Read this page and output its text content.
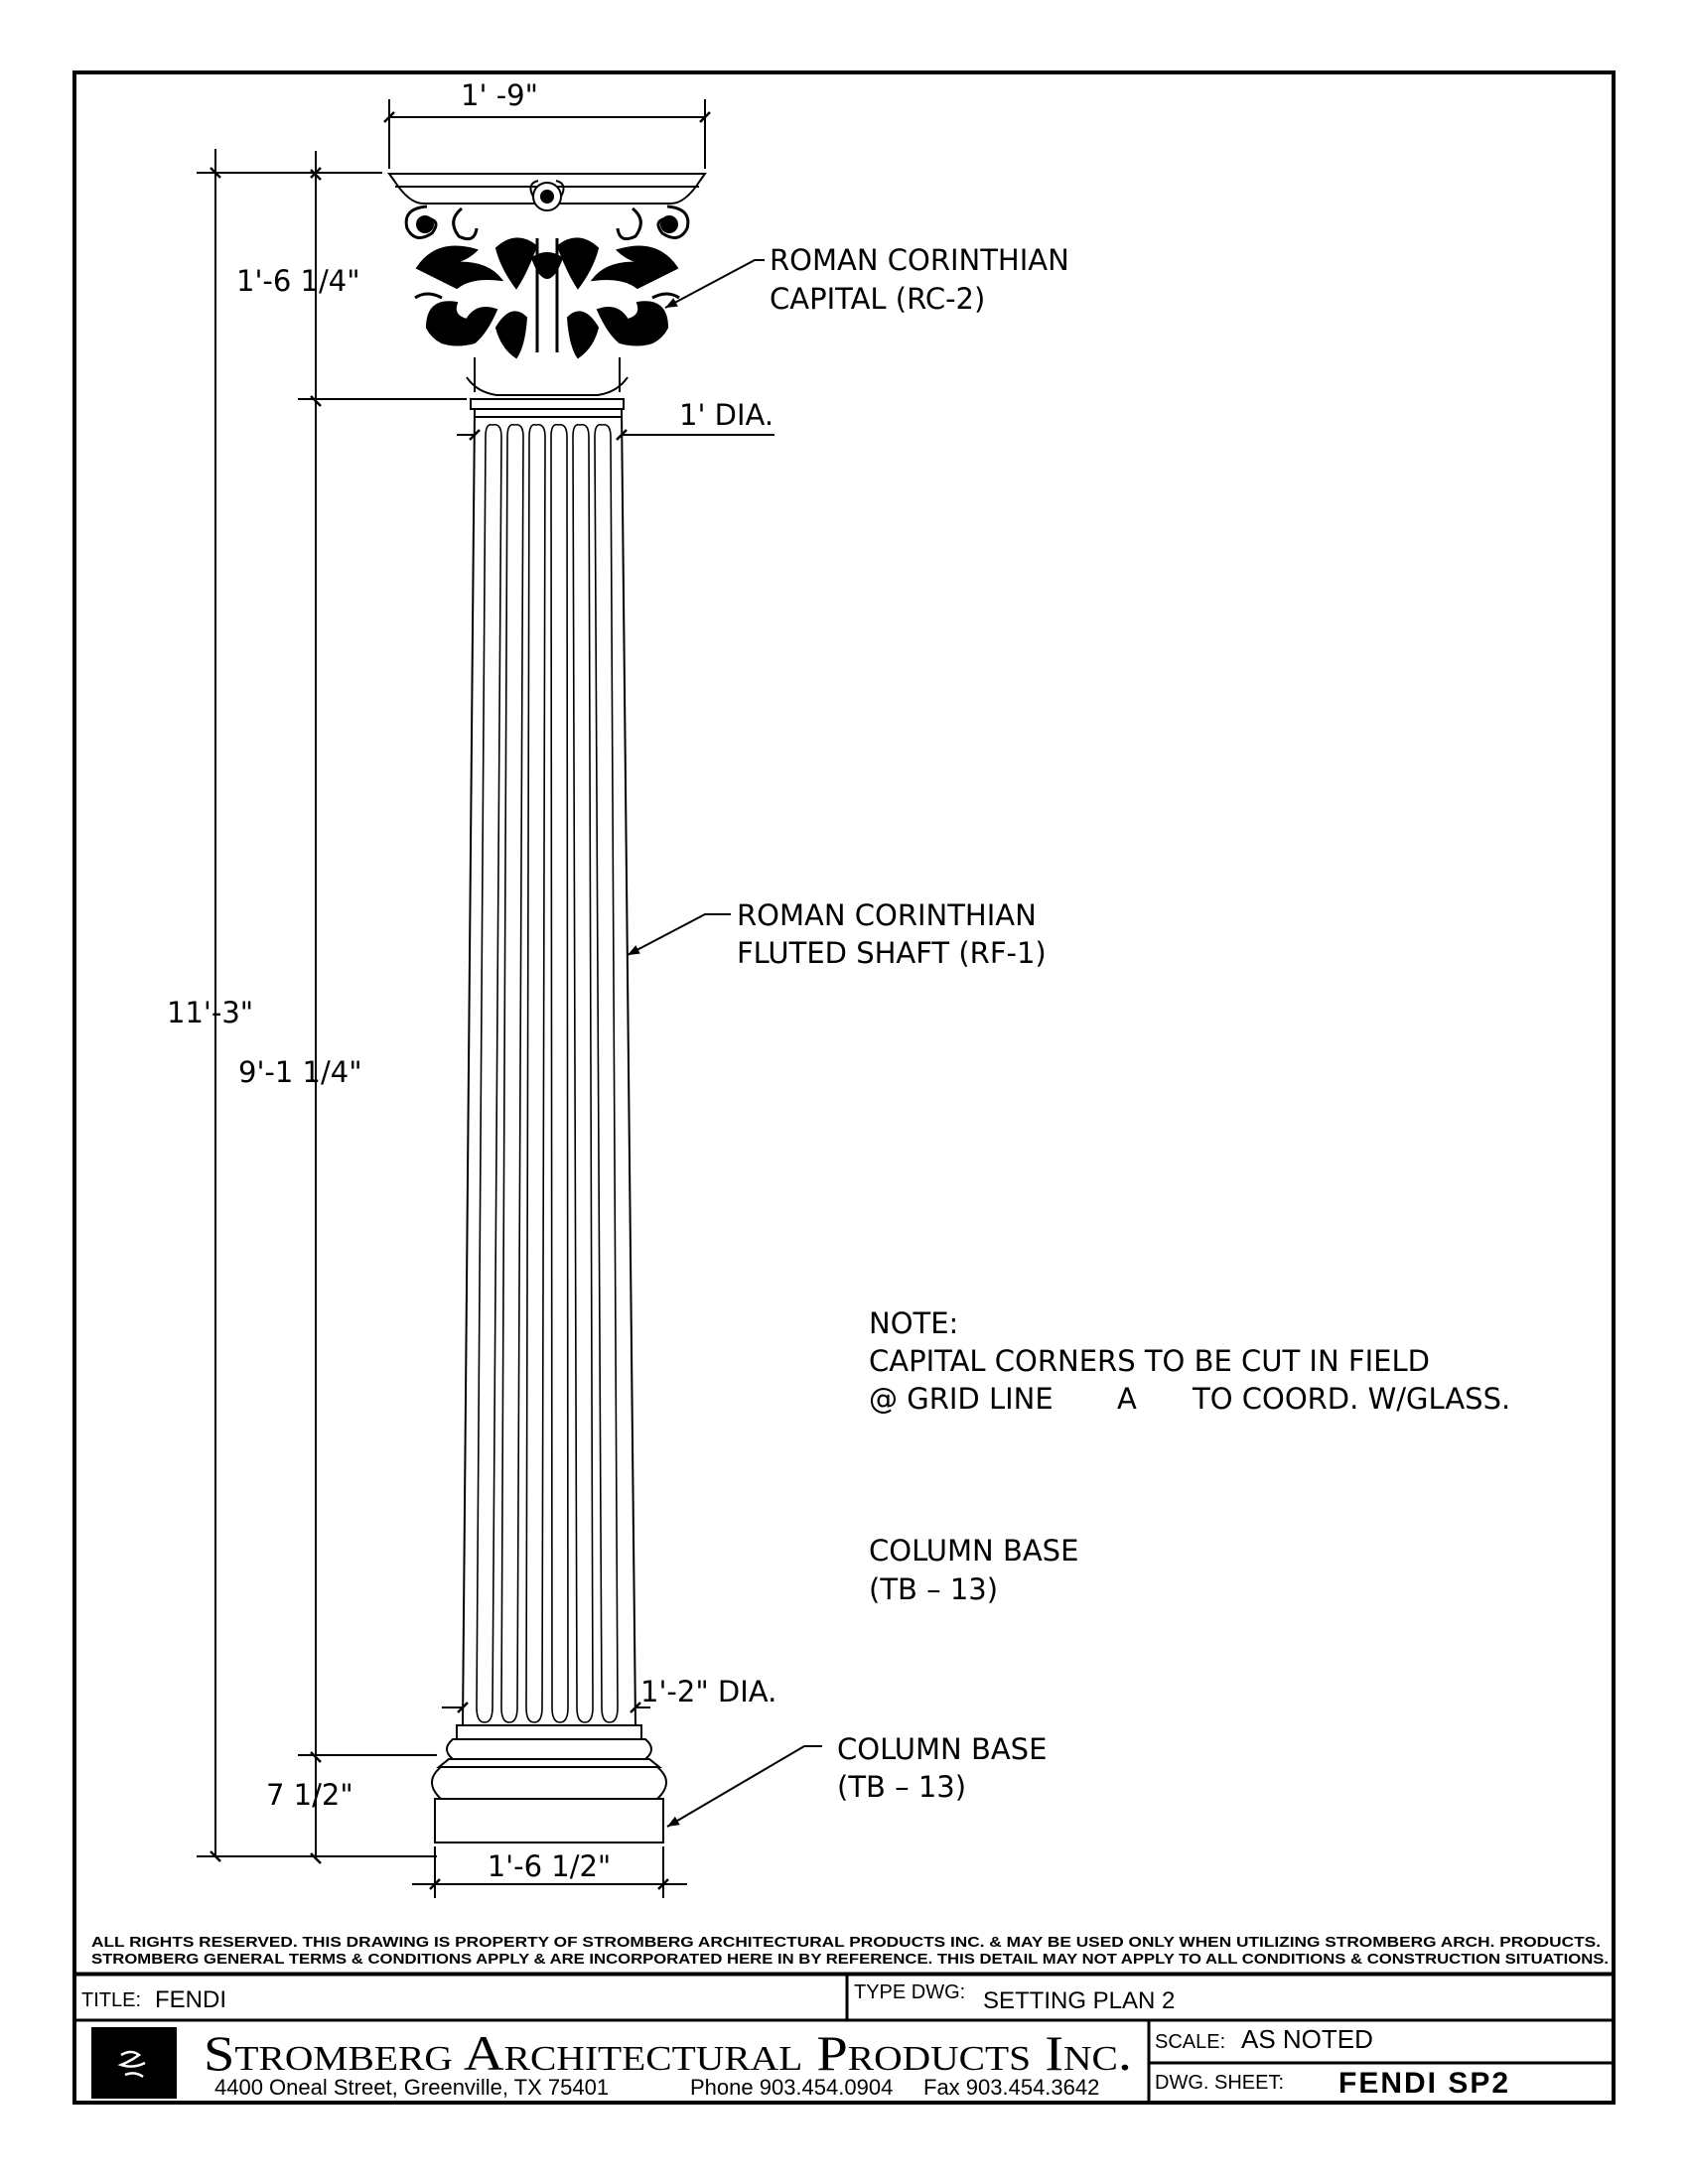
1' -9"
1'-6 1/4"
11'-3"
9'-1 1/4"
7 1/2"
1'-6 1/2"
1' DIA.
1'-2" DIA.
ROMAN CORINTHIAN
CAPITAL (RC-2)
ROMAN CORINTHIAN
FLUTED SHAFT (RF-1)
COLUMN BASE
(TB – 13)
NOTE:
CAPITAL CORNERS TO BE CUT IN FIELD
@ GRID LINE A TO COORD. W/GLASS.
COLUMN BASE
(TB – 13)
ALL RIGHTS RESERVED. THIS DRAWING IS PROPERTY OF STROMBERG ARCHITECTURAL PRODUCTS INC. & MAY BE USED ONLY WHEN UTILIZING STROMBERG ARCH. PRODUCTS.
STROMBERG GENERAL TERMS & CONDITIONS APPLY & ARE INCORPORATED HERE IN BY REFERENCE. THIS DETAIL MAY NOT APPLY TO ALL CONDITIONS & CONSTRUCTION SITUATIONS.
TITLE: FENDI	TYPE DWG: SETTING PLAN 2
SCALE: AS NOTED
DWG. SHEET: FENDI SP2
Stromberg Architectural Products Inc.
4400 Oneal Street, Greenville, TX 75401	Phone 903.454.0904 Fax 903.454.3642
